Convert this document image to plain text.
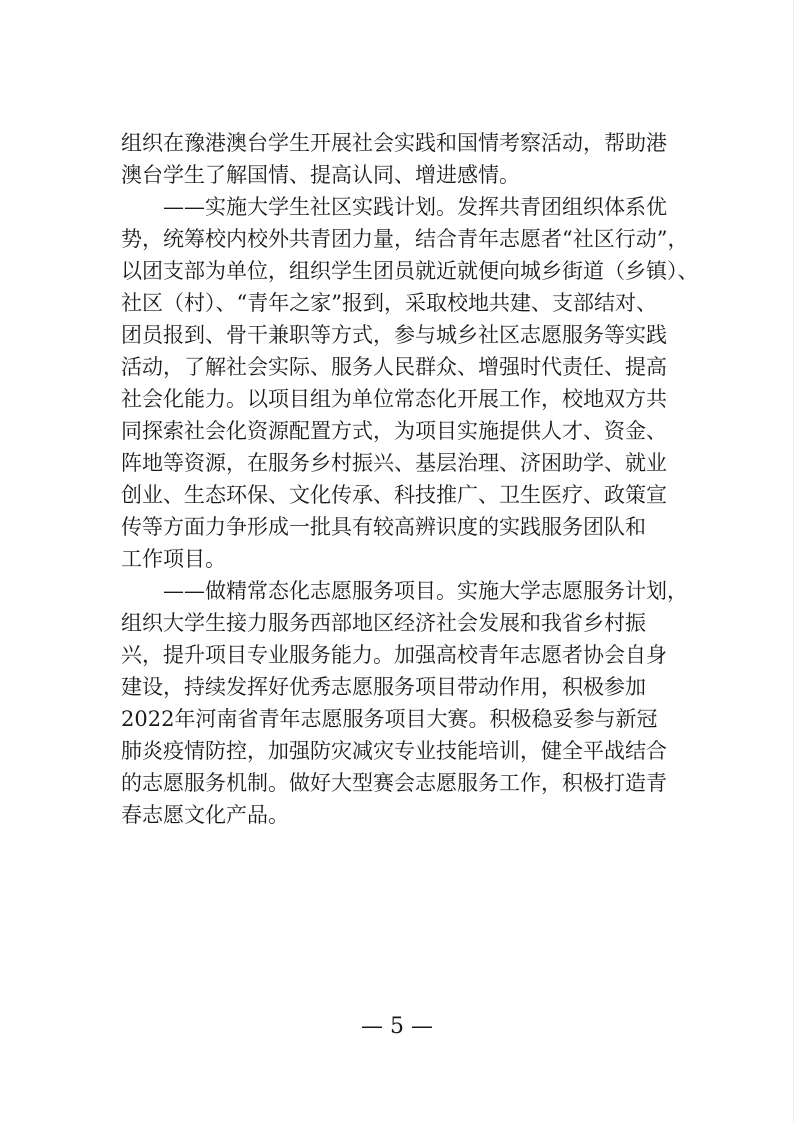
组织在豫港澳台学生开展社会实践和国情考察活动，帮助港
澳台学生了解国情、提高认同、增进感情。
——实施大学生社区实践计划。发挥共青团组织体系优
势，统筹校内校外共青团力量，结合青年志愿者“社区行动”，
以团支部为单位，组织学生团员就近就便向城乡街道（乡镇）、
社区（村）、“青年之家”报到，采取校地共建、支部结对、
团员报到、骨干兼职等方式，参与城乡社区志愿服务等实践
活动，了解社会实际、服务人民群众、增强时代责任、提高
社会化能力。以项目组为单位常态化开展工作，校地双方共
同探索社会化资源配置方式，为项目实施提供人才、资金、
阵地等资源，在服务乡村振兴、基层治理、济困助学、就业
创业、生态环保、文化传承、科技推广、卫生医疗、政策宣
传等方面力争形成一批具有较高辨识度的实践服务团队和
工作项目。
——做精常态化志愿服务项目。实施大学志愿服务计划，
组织大学生接力服务西部地区经济社会发展和我省乡村振
兴，提升项目专业服务能力。加强高校青年志愿者协会自身
建设，持续发挥好优秀志愿服务项目带动作用，积极参加
2022年河南省青年志愿服务项目大赛。积极稳妥参与新冠
肺炎疫情防控，加强防灾减灾专业技能培训，健全平战结合
的志愿服务机制。做好大型赛会志愿服务工作，积极打造青
春志愿文化产品。
— 5 —
